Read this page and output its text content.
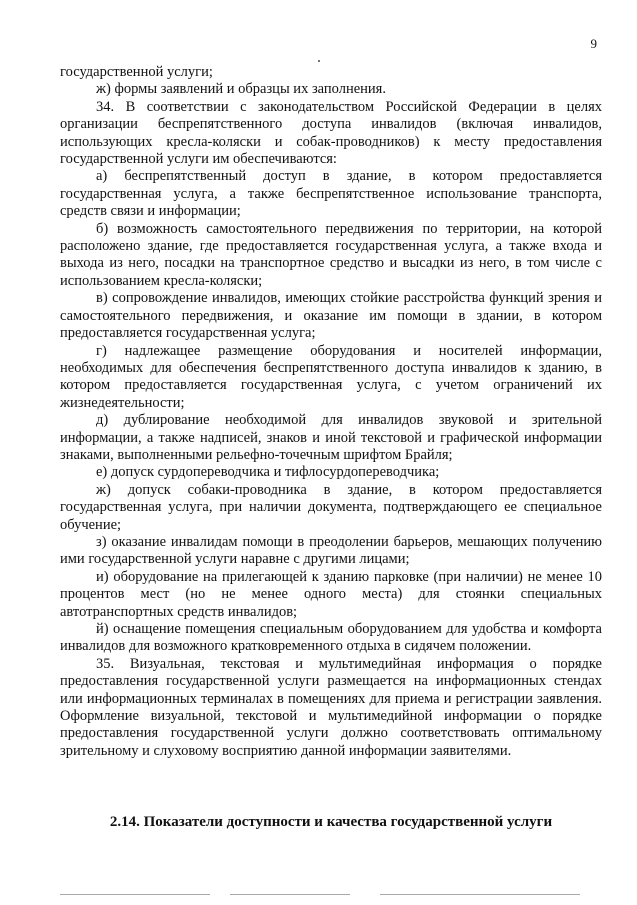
9

государственной услуги;

ж) формы заявлений и образцы их заполнения.

34. В соответствии с законодательством Российской Федерации в целях организации беспрепятственного доступа инвалидов (включая инвалидов, использующих кресла-коляски и собак-проводников) к месту предоставления государственной услуги им обеспечиваются:

а) беспрепятственный доступ в здание, в котором предоставляется государственная услуга, а также беспрепятственное использование транспорта, средств связи и информации;

б) возможность самостоятельного передвижения по территории, на которой расположено здание, где предоставляется государственная услуга, а также входа и выхода из него, посадки на транспортное средство и высадки из него, в том числе с использованием кресла-коляски;

в) сопровождение инвалидов, имеющих стойкие расстройства функций зрения и самостоятельного передвижения, и оказание им помощи в здании, в котором предоставляется государственная услуга;

г) надлежащее размещение оборудования и носителей информации, необходимых для обеспечения беспрепятственного доступа инвалидов к зданию, в котором предоставляется государственная услуга, с учетом ограничений их жизнедеятельности;

д) дублирование необходимой для инвалидов звуковой и зрительной информации, а также надписей, знаков и иной текстовой и графической информации знаками, выполненными рельефно-точечным шрифтом Брайля;

е) допуск сурдопереводчика и тифлосурдопереводчика;

ж) допуск собаки-проводника в здание, в котором предоставляется государственная услуга, при наличии документа, подтверждающего ее специальное обучение;

з) оказание инвалидам помощи в преодолении барьеров, мешающих получению ими государственной услуги наравне с другими лицами;

и) оборудование на прилегающей к зданию парковке (при наличии) не менее 10 процентов мест (но не менее одного места) для стоянки специальных автотранспортных средств инвалидов;

й) оснащение помещения специальным оборудованием для удобства и комфорта инвалидов для возможного кратковременного отдыха в сидячем положении.

35. Визуальная, текстовая и мультимедийная информация о порядке предоставления государственной услуги размещается на информационных стендах или информационных терминалах в помещениях для приема и регистрации заявления. Оформление визуальной, текстовой и мультимедийной информации о порядке предоставления государственной услуги должно соответствовать оптимальному зрительному и слуховому восприятию данной информации заявителями.

2.14. Показатели доступности и качества государственной услуги
